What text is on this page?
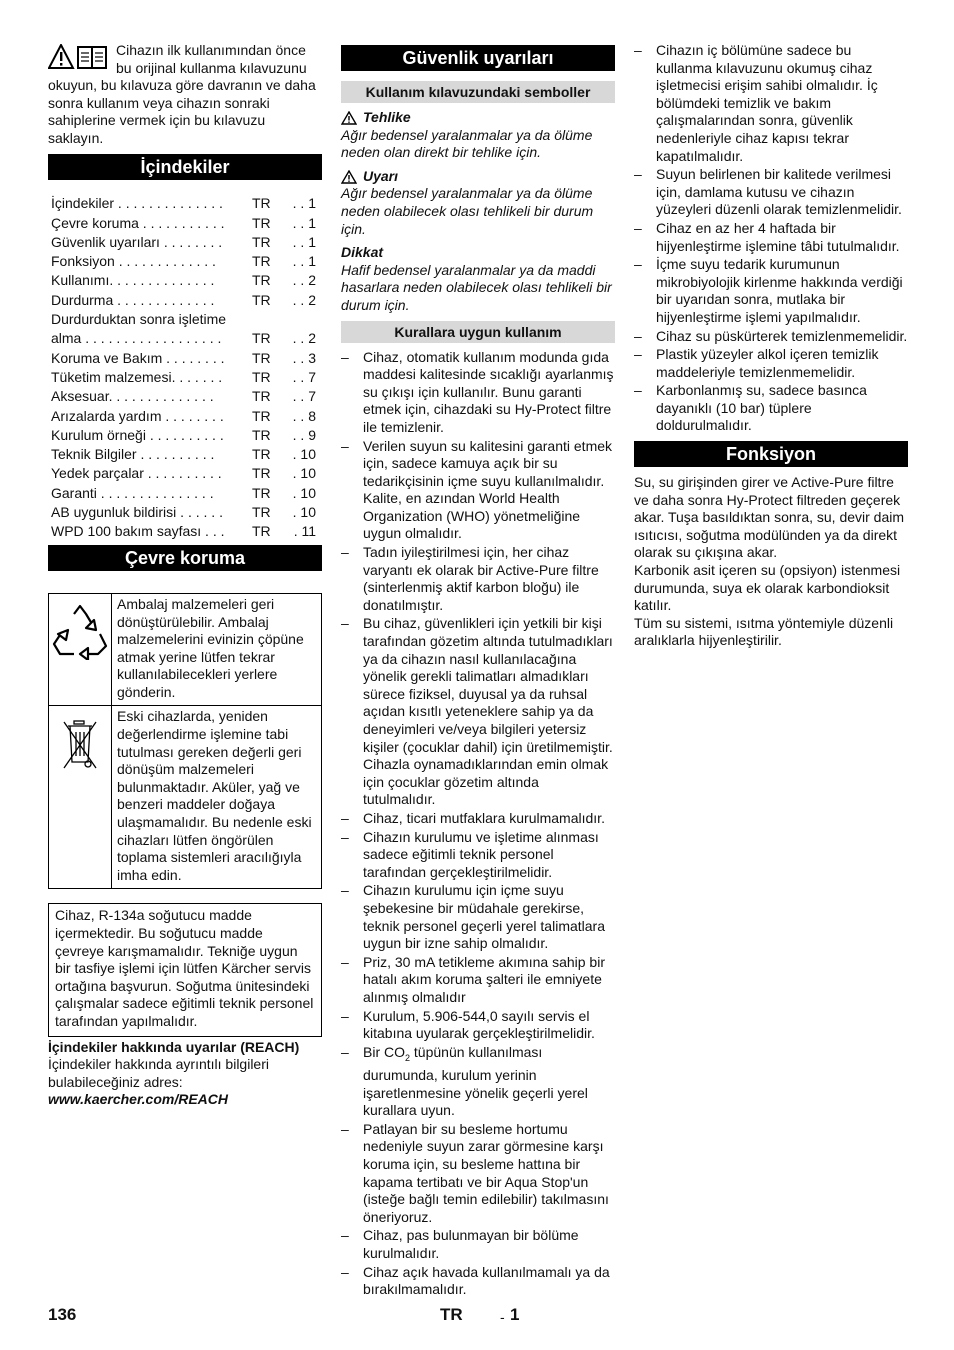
Cihazın ilk kullanımından önce bu orijinal kullanma kılavuzunu okuyun, bu kılavuza göre davranın ve daha sonra kullanım veya cihazın sonraki sahiplerine vermek için bu kılavuzu saklayın.
İçindekiler
İçindekiler . . . . . . . . . . . . . .	TR	. . 1
Çevre koruma . . . . . . . . . . .	TR	. . 1
Güvenlik uyarıları . . . . . . . .	TR	. . 1
Fonksiyon . . . . . . . . . . . . .	TR	. . 1
Kullanımı. . . . . . . . . . . . . .	TR	. . 2
Durdurma . . . . . . . . . . . . .	TR	. . 2
Durdurduktan sonra işletime		
alma . . . . . . . . . . . . . . . . . .	TR	. . 2
Koruma ve Bakım . . . . . . . .	TR	. . 3
Tüketim malzemesi. . . . . . .	TR	. . 7
Aksesuar. . . . . . . . . . . . . .	TR	. . 7
Arızalarda yardım . . . . . . . .	TR	. . 8
Kurulum örneği . . . . . . . . . .	TR	. . 9
Teknik Bilgiler . . . . . . . . . .	TR	. 10
Yedek parçalar . . . . . . . . . .	TR	. 10
Garanti . . . . . . . . . . . . . . .	TR	. 10
AB uygunluk bildirisi . . . . . .	TR	. 10
WPD 100 bakım sayfası . . .	TR	. 11
Çevre koruma
Ambalaj malzemeleri geri dönüştürülebilir. Ambalaj malzemelerini evinizin çöpüne atmak yerine lütfen tekrar kullanılabilecekleri yerlere gönderin.
Eski cihazlarda, yeniden değerlendirme işlemine tabi tutulması gereken değerli geri dönüşüm malzemeleri bulunmaktadır. Aküler, yağ ve benzeri maddeler doğaya ulaşmamalıdır. Bu nedenle eski cihazları lütfen öngörülen toplama sistemleri aracılığıyla imha edin.

Cihaz, R-134a soğutucu madde içermektedir. Bu soğutucu madde çevreye karışmamalıdır. Tekniğe uygun bir tasfiye işlemi için lütfen Kärcher servis ortağına başvurun. Soğutma ünitesindeki çalışmalar sadece eğitimli teknik personel tarafından yapılmalıdır.

İçindekiler hakkında uyarılar (REACH)

İçindekiler hakkında ayrıntılı bilgileri bulabileceğiniz adres:

www.kaercher.com/REACH

Güvenlik uyarıları
Kullanım kılavuzundaki semboller
Tehlike

Ağır bedensel yaralanmalar ya da ölüme neden olan direkt bir tehlike için.

Uyarı

Ağır bedensel yaralanmalar ya da ölüme neden olabilecek olası tehlikeli bir durum için.

Dikkat

Hafif bedensel yaralanmalar ya da maddi hasarlara neden olabilecek olası tehlikeli bir durum için.

Kurallara uygun kullanım
– Cihaz, otomatik kullanım modunda gıda maddesi kalitesinde sıcaklığı ayarlanmış su çıkışı için kullanılır. Bunu garanti etmek için, cihazdaki su Hy-Protect filtre ile temizlenir.
– Verilen suyun su kalitesini garanti etmek için, sadece kamuya açık bir su tedarikçisinin içme suyu kullanılmalıdır. Kalite, en azından World Health Organization (WHO) yönetmeliğine uygun olmalıdır.
– Tadın iyileştirilmesi için, her cihaz varyantı ek olarak bir Active-Pure filtre (sinterlenmiş aktif karbon bloğu) ile donatılmıştır.
– Bu cihaz, güvenlikleri için yetkili bir kişi tarafından gözetim altında tutulmadıkları ya da cihazın nasıl kullanılacağına yönelik gerekli talimatları almadıkları sürece fiziksel, duyusal ya da ruhsal açıdan kısıtlı yeteneklere sahip ya da deneyimleri ve/veya bilgileri yetersiz kişiler (çocuklar dahil) için üretilmemiştir. Cihazla oynamadıklarından emin olmak için çocuklar gözetim altında tutulmalıdır.
– Cihaz, ticari mutfaklara kurulmamalıdır.
– Cihazın kurulumu ve işletime alınması sadece eğitimli teknik personel tarafından gerçekleştirilmelidir.
– Cihazın kurulumu için içme suyu şebekesine bir müdahale gerekirse, teknik personel geçerli yerel talimatlara uygun bir izne sahip olmalıdır.
– Priz, 30 mA tetikleme akımına sahip bir hatalı akım koruma şalteri ile emniyete alınmış olmalıdır
– Kurulum, 5.906-544,0 sayılı servis el kitabına uyularak gerçekleştirilmelidir.
– Bir $CO_2$ tüpünün kullanılması durumunda, kurulum yerinin işaretlenmesine yönelik geçerli yerel kurallara uyun.
– Patlayan bir su besleme hortumu nedeniyle suyun zarar görmesine karşı koruma için, su besleme hattına bir kapama tertibatı ve bir Aqua Stop'un (isteğe bağlı temin edilebilir) takılmasını öneriyoruz.
– Cihaz, pas bulunmayan bir bölüme kurulmalıdır.
– Cihaz açık havada kullanılmamalı ya da bırakılmamalıdır.
– Cihazın iç bölümüne sadece bu kullanma kılavuzunu okumuş cihaz işletmecisi erişim sahibi olmalıdır. İç bölümdeki temizlik ve bakım çalışmalarından sonra, güvenlik nedenleriyle cihaz kapısı tekrar kapatılmalıdır.
– Suyun belirlenen bir kalitede verilmesi için, damlama kutusu ve cihazın yüzeyleri düzenli olarak temizlenmelidir.
– Cihaz en az her 4 haftada bir hijyenleştirme işlemine tâbi tutulmalıdır.
– İçme suyu tedarik kurumunun mikrobiyolojik kirlenme hakkında verdiği bir uyarıdan sonra, mutlaka bir hijyenleştirme işlemi yapılmalıdır.
– Cihaz su püskürterek temizlenmemelidir.
– Plastik yüzeyler alkol içeren temizlik maddeleriyle temizlenmemelidir.
– Karbonlanmış su, sadece basınca dayanıklı (10 bar) tüplere doldurulmalıdır.
Fonksiyon

Su, su girişinden girer ve Active-Pure filtre ve daha sonra Hy-Protect filtreden geçerek akar. Tuşa basıldıktan sonra, su, devir daim ısıtıcısı, soğutma modülünden ya da direkt olarak su çıkışına akar.

Karbonik asit içeren su (opsiyon) istenmesi durumunda, suya ek olarak karbondioksit katılır.

Tüm su sistemi, ısıtma yöntemiyle düzenli aralıklarla hijyenleştirilir.

136	TR	- 1
